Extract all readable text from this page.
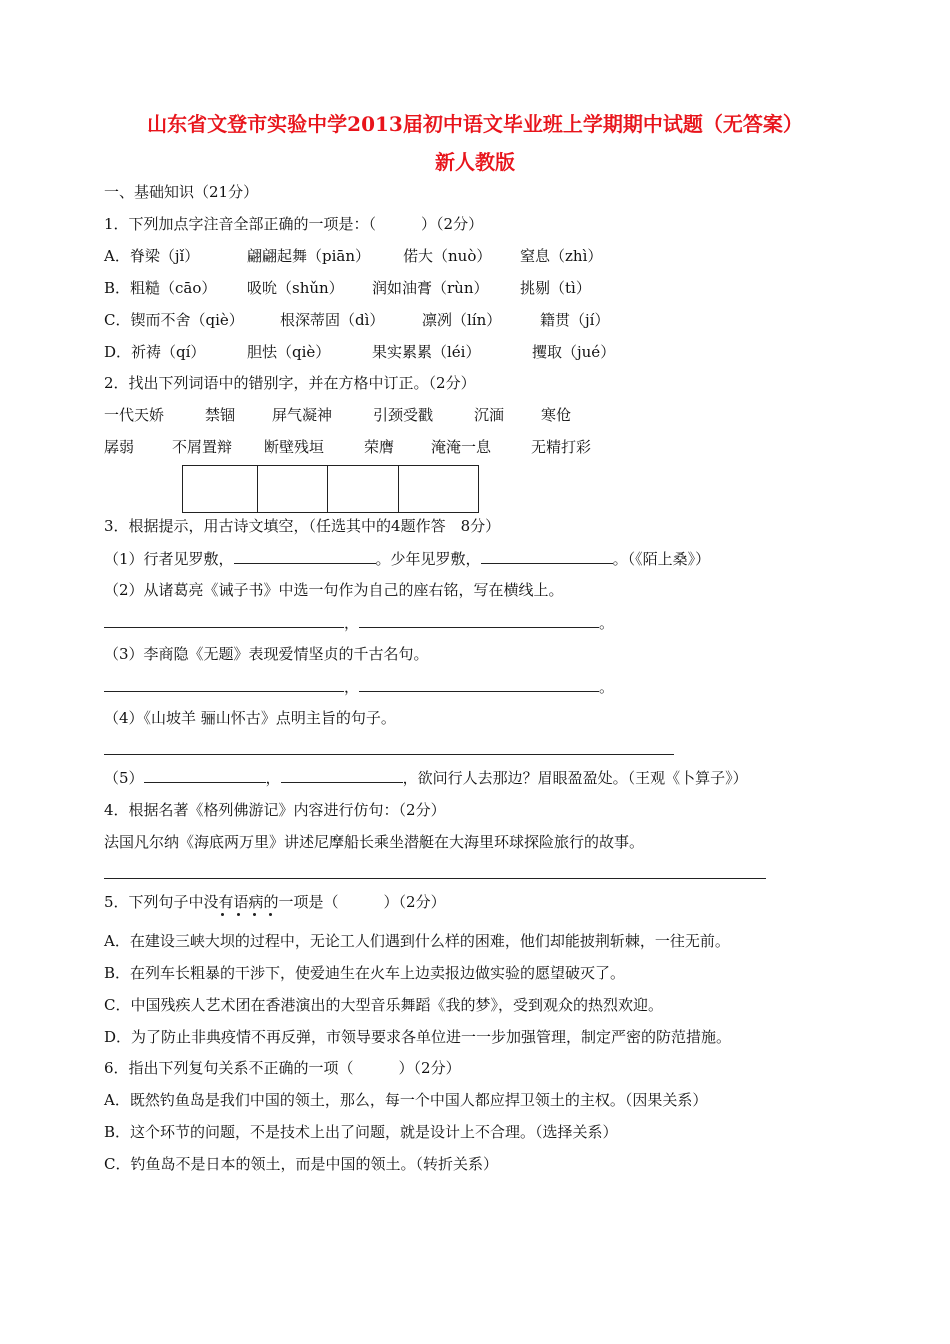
山东省文登市实验中学2013届初中语文毕业班上学期期中试题（无答案）
新人教版
一、基础知识（21分）
1．下列加点字注音全部正确的一项是：（　　　）（2分）
A．脊梁（jǐ）	翩翩起舞（piān） 偌大（nuò） 窒息（zhì）
B．粗糙（cāo） 吸吮（shǔn） 润如油膏（rùn） 挑剔（tì）
C．锲而不舍（qiè） 根深蒂固（dì）	凛冽（lín）	籍贯（jí）
D．祈祷（qí）	胆怯（qiè）	果实累累（léi）	攫取（jué）
2．找出下列词语中的错别字，并在方格中订正。（2分）
一代天娇	禁锢 屏气凝神	引颈受戳	沉湎 寒伧
孱弱	不屑置辩 断壁残垣	荣膺 淹淹一息	无精打彩
3．根据提示，用古诗文填空，（任选其中的4题作答　8分）
（1）行者见罗敷，	。少年见罗敷，	。（《陌上桑》）
（2）从诸葛亮《诫子书》中选一句作为自己的座右铭，写在横线上。
，	。
（3）李商隐《无题》表现爱情坚贞的千古名句。
，	。
（4）《山坡羊 骊山怀古》点明主旨的句子。
（5）	，	，欲问行人去那边？眉眼盈盈处。（王观《卜算子》）
4．根据名著《格列佛游记》内容进行仿句：（2分）
法国凡尔纳《海底两万里》讲述尼摩船长乘坐潜艇在大海里环球探险旅行的故事。
5．下列句子中没有语病的一项是（　　　）（2分）
A．在建设三峡大坝的过程中，无论工人们遇到什么样的困难，他们却能披荆斩棘，一往无前。
B．在列车长粗暴的干涉下，使爱迪生在火车上边卖报边做实验的愿望破灭了。
C．中国残疾人艺术团在香港演出的大型音乐舞蹈《我的梦》，受到观众的热烈欢迎。
D．为了防止非典疫情不再反弹，市领导要求各单位进一一步加强管理，制定严密的防范措施。
6．指出下列复句关系不正确的一项（　　　）（2分）
A．既然钓鱼岛是我们中国的领土，那么，每一个中国人都应捍卫领土的主权。（因果关系）
B．这个环节的问题，不是技术上出了问题，就是设计上不合理。（选择关系）
C．钓鱼岛不是日本的领土，而是中国的领土。（转折关系）
